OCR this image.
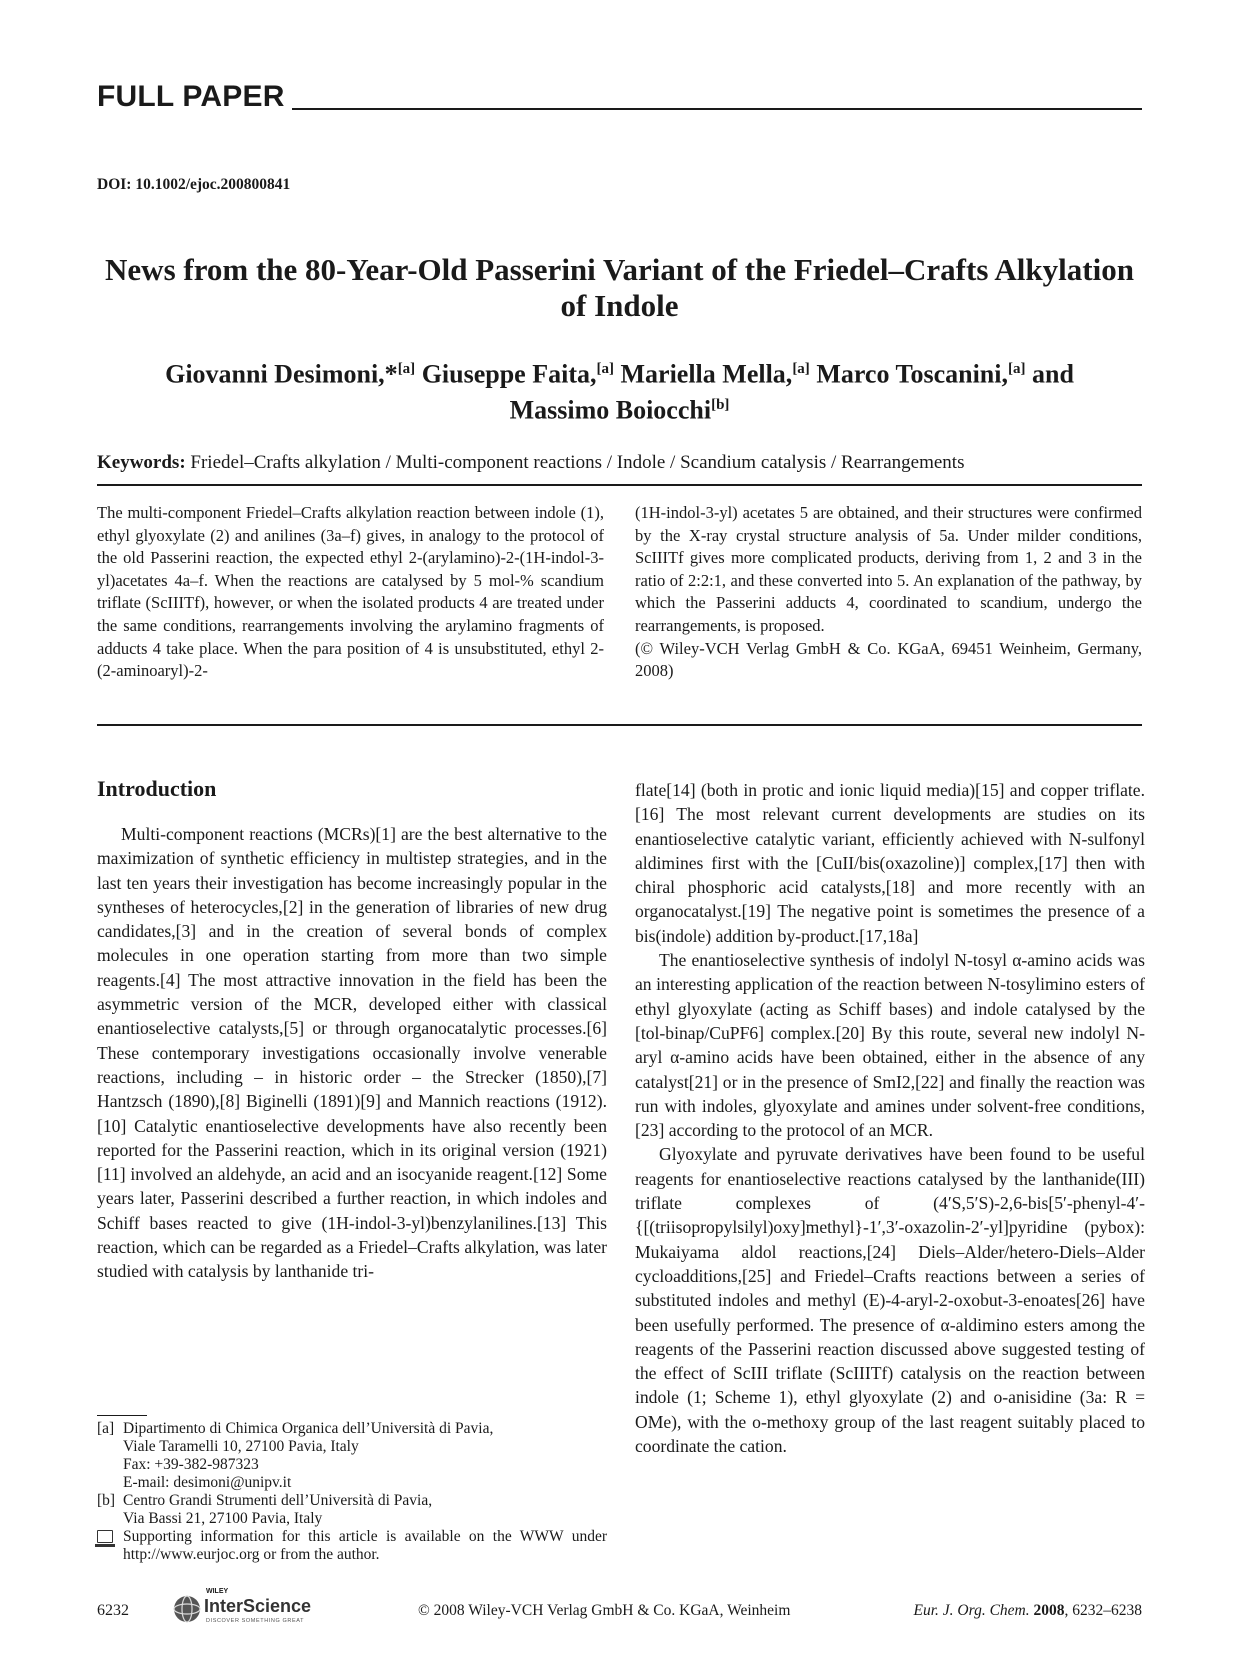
FULL PAPER
DOI: 10.1002/ejoc.200800841
News from the 80-Year-Old Passerini Variant of the Friedel–Crafts Alkylation
of Indole
Giovanni Desimoni,*[a] Giuseppe Faita,[a] Mariella Mella,[a] Marco Toscanini,[a] and
Massimo Boiocchi[b]
Keywords: Friedel–Crafts alkylation / Multi-component reactions / Indole / Scandium catalysis / Rearrangements

The multi-component Friedel–Crafts alkylation reaction between indole (1), ethyl glyoxylate (2) and anilines (3a–f) gives, in analogy to the protocol of the old Passerini reaction, the expected ethyl 2-(arylamino)-2-(1H-indol-3-yl)acetates 4a–f. When the reactions are catalysed by 5 mol-% scandium triflate (ScIIITf), however, or when the isolated products 4 are treated under the same conditions, rearrangements involving the arylamino fragments of adducts 4 take place. When the para position of 4 is unsubstituted, ethyl 2-(2-aminoaryl)-2-

(1H-indol-3-yl) acetates 5 are obtained, and their structures were confirmed by the X-ray crystal structure analysis of 5a. Under milder conditions, ScIIITf gives more complicated products, deriving from 1, 2 and 3 in the ratio of 2:2:1, and these converted into 5. An explanation of the pathway, by which the Passerini adducts 4, coordinated to scandium, undergo the rearrangements, is proposed.

(© Wiley-VCH Verlag GmbH & Co. KGaA, 69451 Weinheim, Germany, 2008)

Introduction

Multi-component reactions (MCRs)[1] are the best alternative to the maximization of synthetic efficiency in multistep strategies, and in the last ten years their investigation has become increasingly popular in the syntheses of heterocycles,[2] in the generation of libraries of new drug candidates,[3] and in the creation of several bonds of complex molecules in one operation starting from more than two simple reagents.[4] The most attractive innovation in the field has been the asymmetric version of the MCR, developed either with classical enantioselective catalysts,[5] or through organocatalytic processes.[6] These contemporary investigations occasionally involve venerable reactions, including – in historic order – the Strecker (1850),[7] Hantzsch (1890),[8] Biginelli (1891)[9] and Mannich reactions (1912).[10] Catalytic enantioselective developments have also recently been reported for the Passerini reaction, which in its original version (1921)[11] involved an aldehyde, an acid and an isocyanide reagent.[12] Some years later, Passerini described a further reaction, in which indoles and Schiff bases reacted to give (1H-indol-3-yl)benzylanilines.[13] This reaction, which can be regarded as a Friedel–Crafts alkylation, was later studied with catalysis by lanthanide tri-

flate[14] (both in protic and ionic liquid media)[15] and copper triflate.[16] The most relevant current developments are studies on its enantioselective catalytic variant, efficiently achieved with N-sulfonyl aldimines first with the [CuII/bis(oxazoline)] complex,[17] then with chiral phosphoric acid catalysts,[18] and more recently with an organocatalyst.[19] The negative point is sometimes the presence of a bis(indole) addition by-product.[17,18a]

The enantioselective synthesis of indolyl N-tosyl α-amino acids was an interesting application of the reaction between N-tosylimino esters of ethyl glyoxylate (acting as Schiff bases) and indole catalysed by the [tol-binap/CuPF6] complex.[20] By this route, several new indolyl N-aryl α-amino acids have been obtained, either in the absence of any catalyst[21] or in the presence of SmI2,[22] and finally the reaction was run with indoles, glyoxylate and amines under solvent-free conditions,[23] according to the protocol of an MCR.

Glyoxylate and pyruvate derivatives have been found to be useful reagents for enantioselective reactions catalysed by the lanthanide(III) triflate complexes of (4′S,5′S)-2,6-bis[5′-phenyl-4′-{[(triisopropylsilyl)oxy]methyl}-1′,3′-oxazolin-2′-yl]pyridine (pybox): Mukaiyama aldol reactions,[24] Diels–Alder/hetero-Diels–Alder cycloadditions,[25] and Friedel–Crafts reactions between a series of substituted indoles and methyl (E)-4-aryl-2-oxobut-3-enoates[26] have been usefully performed. The presence of α-aldimino esters among the reagents of the Passerini reaction discussed above suggested testing of the effect of ScIII triflate (ScIIITf) catalysis on the reaction between indole (1; Scheme 1), ethyl glyoxylate (2) and o-anisidine (3a: R = OMe), with the o-methoxy group of the last reagent suitably placed to coordinate the cation.

[a] Dipartimento di Chimica Organica dell’Università di Pavia,
Viale Taramelli 10, 27100 Pavia, Italy
Fax: +39-382-987323
E-mail: desimoni@unipv.it
[b] Centro Grandi Strumenti dell’Università di Pavia,
Via Bassi 21, 27100 Pavia, Italy
Supporting information for this article is available on the WWW under http://www.eurjoc.org or from the author.
6232
WILEY
InterScience
DISCOVER SOMETHING GREAT
© 2008 Wiley-VCH Verlag GmbH & Co. KGaA, Weinheim	Eur. J. Org. Chem. 2008, 6232–6238
